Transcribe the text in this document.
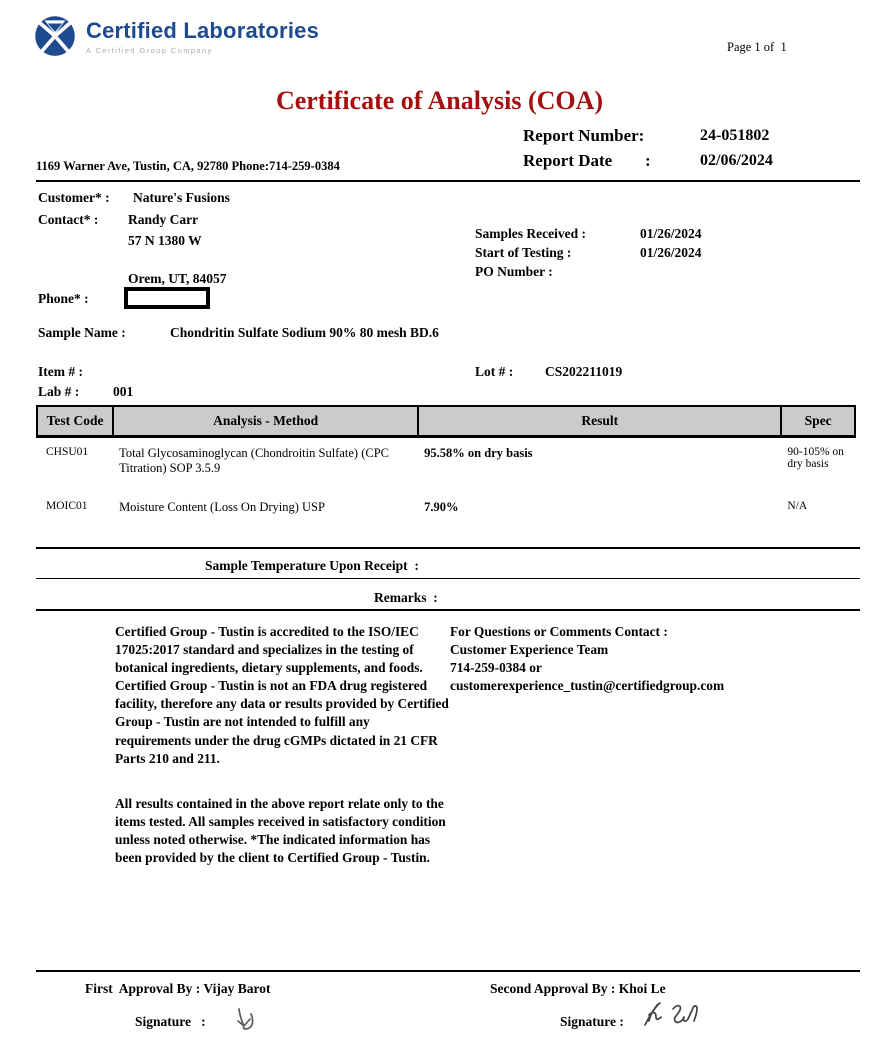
Certified Laboratories
A Certified Group Company	Page 1 of  1
Certificate of Analysis (COA)
Report Number:	24-051802
Report Date :	02/06/2024
1169 Warner Ave, Tustin, CA, 92780 Phone:714-259-0384
Customer* : Nature's Fusions
Contact* : Randy Carr
57 N 1380 W
Orem, UT, 84057
Phone* :
Samples Received :	01/26/2024
Start of Testing :	01/26/2024
PO Number :
Sample Name :	Chondritin Sulfate Sodium 90% 80 mesh BD.6
Item # :	Lot # : CS202211019
Lab # : 001
Test Code	Analysis - Method	Result	Spec
CHSU01	Total Glycosaminoglycan (Chondroitin Sulfate) (CPC Titration) SOP 3.5.9	95.58% on dry basis	90-105% on dry basis
MOIC01	Moisture Content (Loss On Drying) USP	7.90%	N/A
Sample Temperature Upon Receipt  :
Remarks  :

Certified Group - Tustin is accredited to the ISO/IEC 17025:2017 standard and specializes in the testing of botanical ingredients, dietary supplements, and foods. Certified Group - Tustin is not an FDA drug registered facility, therefore any data or results provided by Certified Group - Tustin are not intended to fulfill any requirements under the drug cGMPs dictated in 21 CFR Parts 210 and 211.

All results contained in the above report relate only to the items tested. All samples received in satisfactory condition unless noted otherwise. *The indicated information has been provided by the client to Certified Group - Tustin.

For Questions or Comments Contact :
Customer Experience Team
714-259-0384 or
customerexperience_tustin@certifiedgroup.com
First  Approval By : Vijay Barot
Signature   :
Second Approval By : Khoi Le
Signature :
